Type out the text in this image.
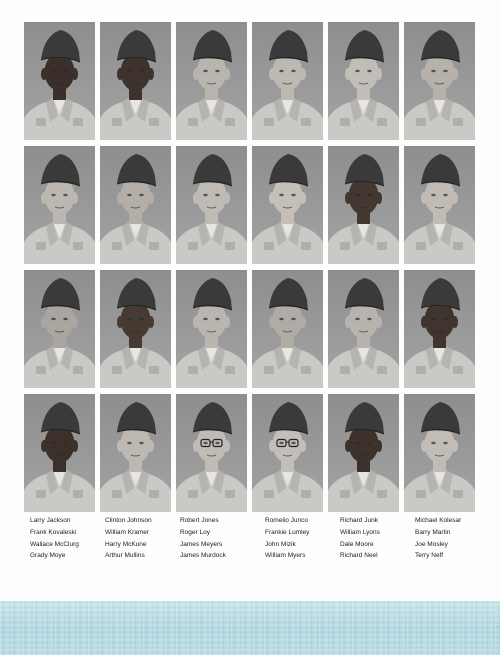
Larry Jackson
Frank Kovaleski
Wallace McClurg
Grady Moye
Clinton Johnson
William Kramer
Harry McKune
Arthur Mullins
Robert Jones
Roger Loy
James Meyers
James Murdock
Romelio Junco
Frankie Lumley
John Mizik
William Myers
Richard Junk
William Lyons
Dale Moore
Richard Neel
Michael Kolesar
Barry Martin
Joe Mosley
Terry Neff
